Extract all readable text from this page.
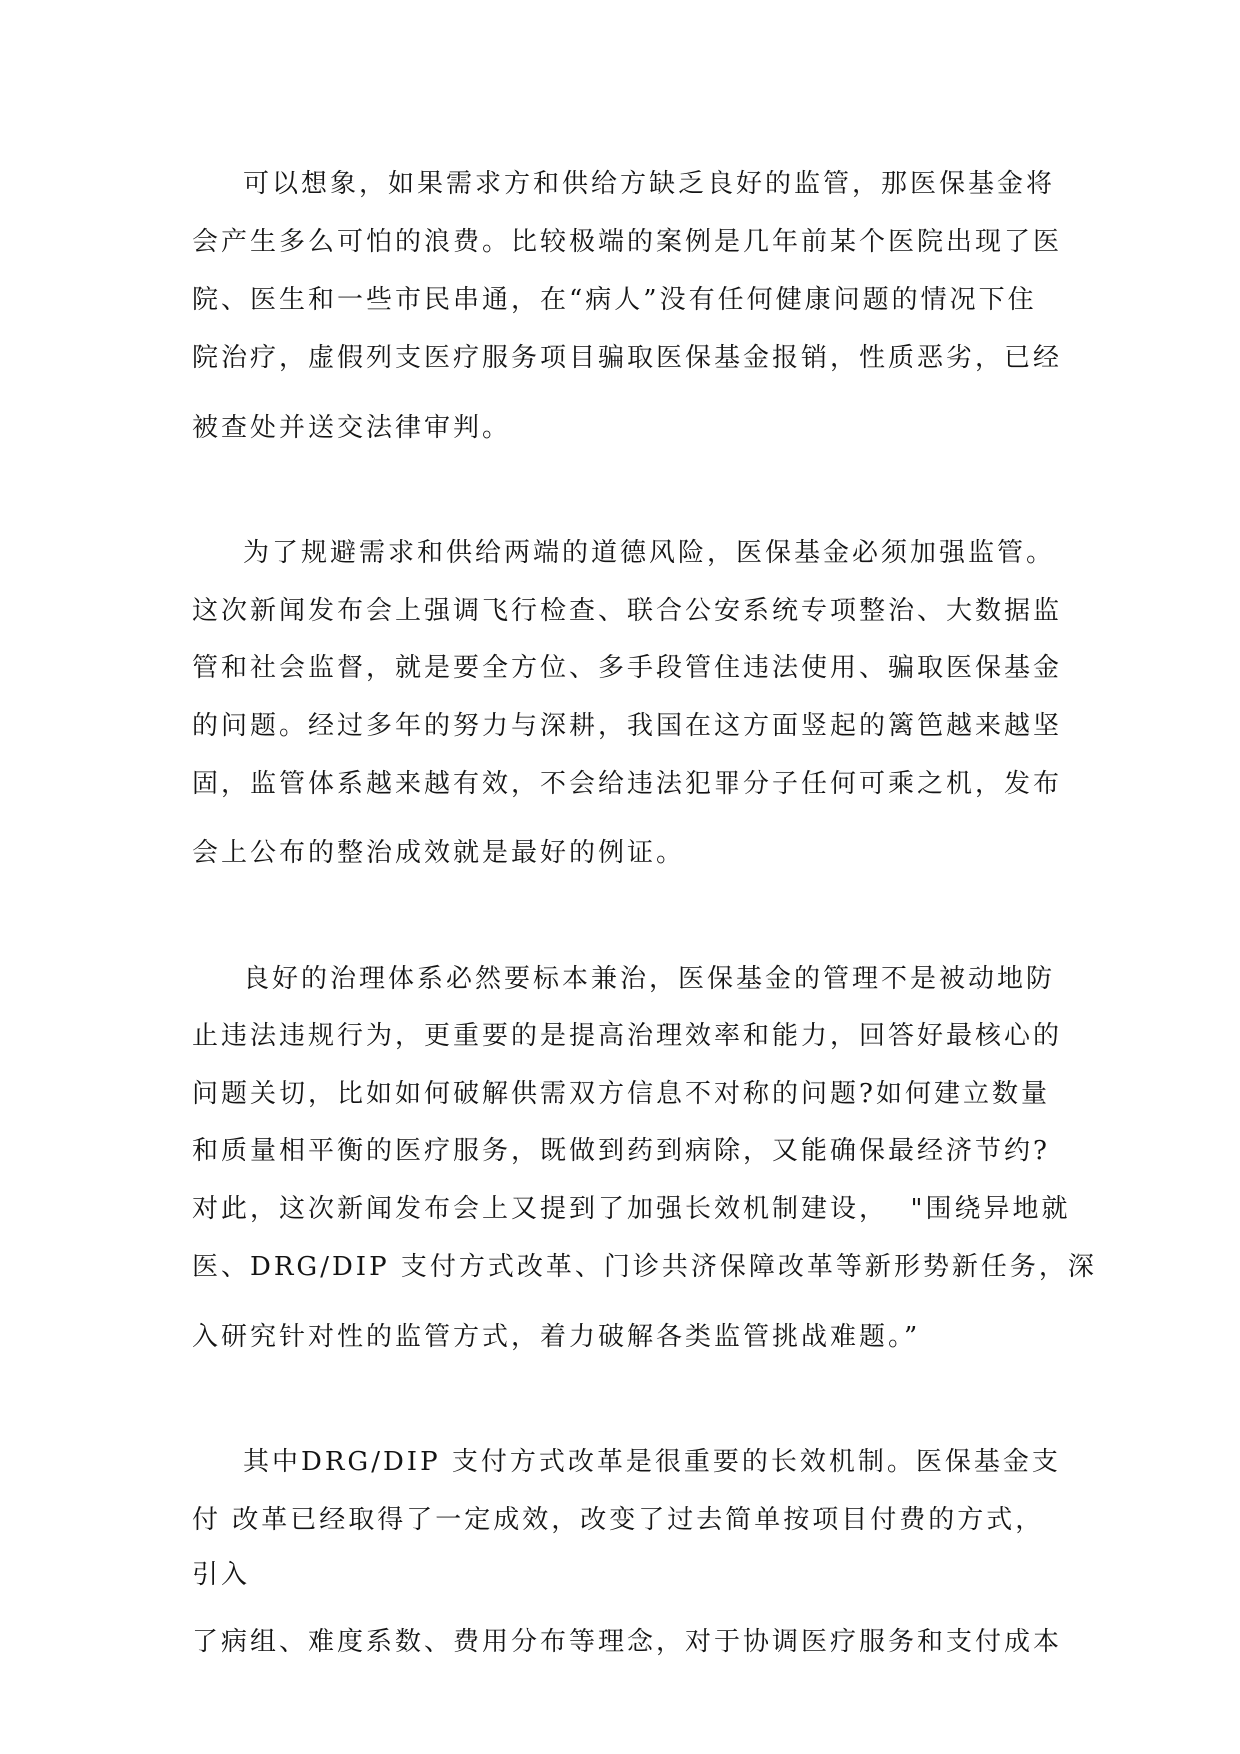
可以想象，如果需求方和供给方缺乏良好的监管，那医保基金将

会产生多么可怕的浪费。比较极端的案例是几年前某个医院出现了医

院、医生和一些市民串通，在“病人”没有任何健康问题的情况下住

院治疗，虚假列支医疗服务项目骗取医保基金报销，性质恶劣，已经

被查处并送交法律审判。

为了规避需求和供给两端的道德风险，医保基金必须加强监管。

这次新闻发布会上强调飞行检查、联合公安系统专项整治、大数据监

管和社会监督，就是要全方位、多手段管住违法使用、骗取医保基金

的问题。经过多年的努力与深耕，我国在这方面竖起的篱笆越来越坚

固，监管体系越来越有效，不会给违法犯罪分子任何可乘之机，发布

会上公布的整治成效就是最好的例证。

良好的治理体系必然要标本兼治，医保基金的管理不是被动地防

止违法违规行为，更重要的是提高治理效率和能力，回答好最核心的

问题关切，比如如何破解供需双方信息不对称的问题?如何建立数量

和质量相平衡的医疗服务，既做到药到病除，又能确保最经济节约?

对此，这次新闻发布会上又提到了加强长效机制建设，  "围绕异地就

医、DRG/DIP 支付方式改革、门诊共济保障改革等新形势新任务，深

入研究针对性的监管方式，着力破解各类监管挑战难题。”

其中DRG/DIP 支付方式改革是很重要的长效机制。医保基金支

付 改革已经取得了一定成效，改变了过去简单按项目付费的方式，

引入

了病组、难度系数、费用分布等理念，对于协调医疗服务和支付成本
